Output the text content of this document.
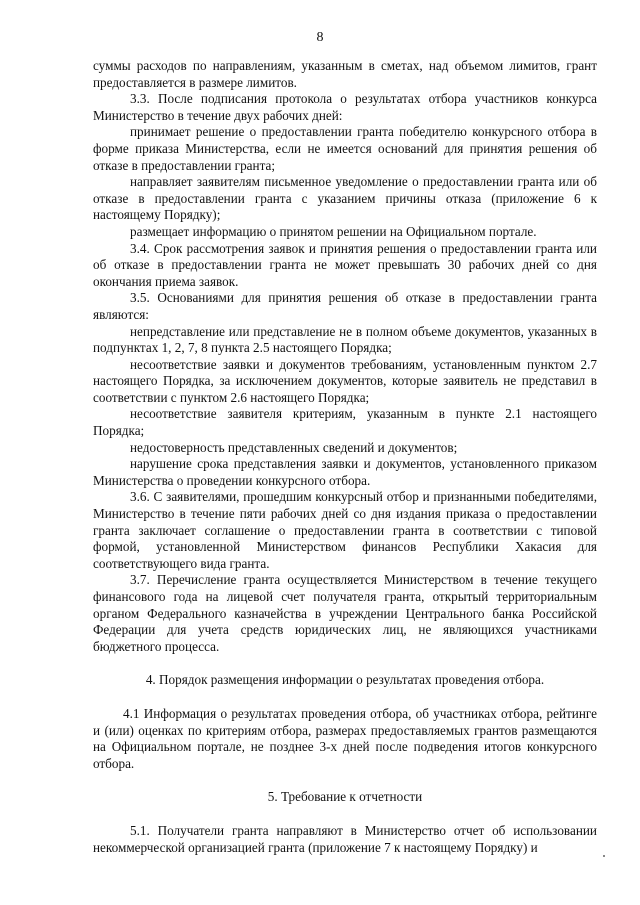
8

суммы расходов по направлениям, указанным в сметах, над объемом лимитов, грант предоставляется в размере лимитов.

3.3. После подписания протокола о результатах отбора участников конкурса Министерство в течение двух рабочих дней:

принимает решение о предоставлении гранта победителю конкурсного отбора в форме приказа Министерства, если не имеется оснований для принятия решения об отказе в предоставлении гранта;

направляет заявителям письменное уведомление о предоставлении гранта или об отказе в предоставлении гранта с указанием причины отказа (приложение 6 к настоящему Порядку);

размещает информацию о принятом решении на Официальном портале.

3.4. Срок рассмотрения заявок и принятия решения о предоставлении гранта или об отказе в предоставлении гранта не может превышать 30 рабочих дней со дня окончания приема заявок.

3.5. Основаниями для принятия решения об отказе в предоставлении гранта являются:

непредставление или представление не в полном объеме документов, указанных в подпунктах 1, 2, 7, 8 пункта 2.5 настоящего Порядка;

несоответствие заявки и документов требованиям, установленным пунктом 2.7 настоящего Порядка, за исключением документов, которые заявитель не представил в соответствии с пунктом 2.6 настоящего Порядка;

несоответствие заявителя критериям, указанным в пункте 2.1 настоящего Порядка;

недостоверность представленных сведений и документов;

нарушение срока представления заявки и документов, установленного приказом Министерства о проведении конкурсного отбора.

3.6. С заявителями, прошедшим конкурсный отбор и признанными победителями, Министерство в течение пяти рабочих дней со дня издания приказа о предоставлении гранта заключает соглашение о предоставлении гранта в соответствии с типовой формой, установленной Министерством финансов Республики Хакасия для соответствующего вида гранта.

3.7. Перечисление гранта осуществляется Министерством в течение текущего финансового года на лицевой счет получателя гранта, открытый территориальным органом Федерального казначейства в учреждении Центрального банка Российской Федерации для учета средств юридических лиц, не являющихся участниками бюджетного процесса.

4. Порядок размещения информации о результатах проведения отбора.

4.1 Информация о результатах проведения отбора, об участниках отбора, рейтинге и (или) оценках по критериям отбора, размерах предоставляемых грантов размещаются на Официальном портале, не позднее 3-х дней после подведения итогов конкурсного отбора.

5. Требование к отчетности

5.1. Получатели гранта направляют в Министерство отчет об использовании некоммерческой организацией гранта (приложение 7 к настоящему Порядку) и
